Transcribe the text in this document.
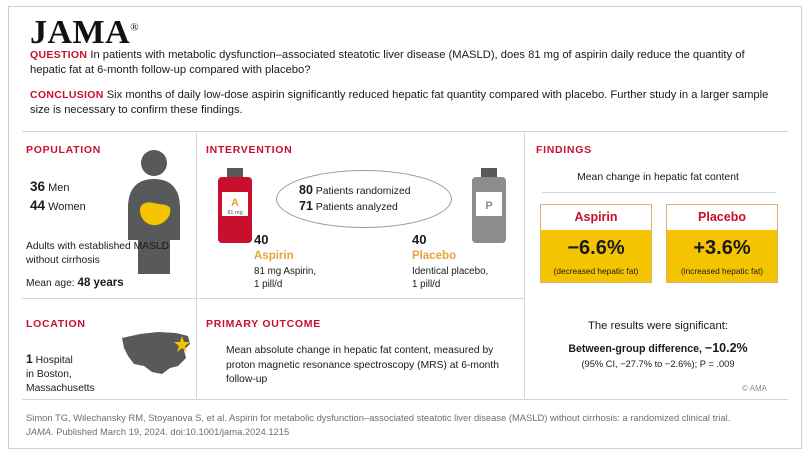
JAMA®

QUESTION In patients with metabolic dysfunction–associated steatotic liver disease (MASLD), does 81 mg of aspirin daily reduce the quantity of hepatic fat at 6-month follow-up compared with placebo?

CONCLUSION Six months of daily low-dose aspirin significantly reduced hepatic fat quantity compared with placebo. Further study in a larger sample size is necessary to confirm these findings.

POPULATION
36 Men
44 Women
Adults with established MASLD without cirrhosis
Mean age: 48 years
LOCATION
1 Hospital
in Boston, Massachusetts
INTERVENTION
A
81 mg
P
80 Patients randomized
71 Patients analyzed
40
Aspirin
81 mg Aspirin,
1 pill/d
40
Placebo
Identical placebo,
1 pill/d
PRIMARY OUTCOME
Mean absolute change in hepatic fat content, measured by proton magnetic resonance spectroscopy (MRS) at 6-month follow-up
FINDINGS
Mean change in hepatic fat content
Aspirin
−6.6%
(decreased hepatic fat)
Placebo
+3.6%
(increased hepatic fat)
The results were significant:
Between-group difference, −10.2%
(95% CI, −27.7% to −2.6%); P = .009
© AMA
Simon TG, Wilechansky RM, Stoyanova S, et al. Aspirin for metabolic dysfunction–associated steatotic liver disease (MASLD) without cirrhosis: a randomized clinical trial.
JAMA. Published March 19, 2024. doi:10.1001/jama.2024.1215
